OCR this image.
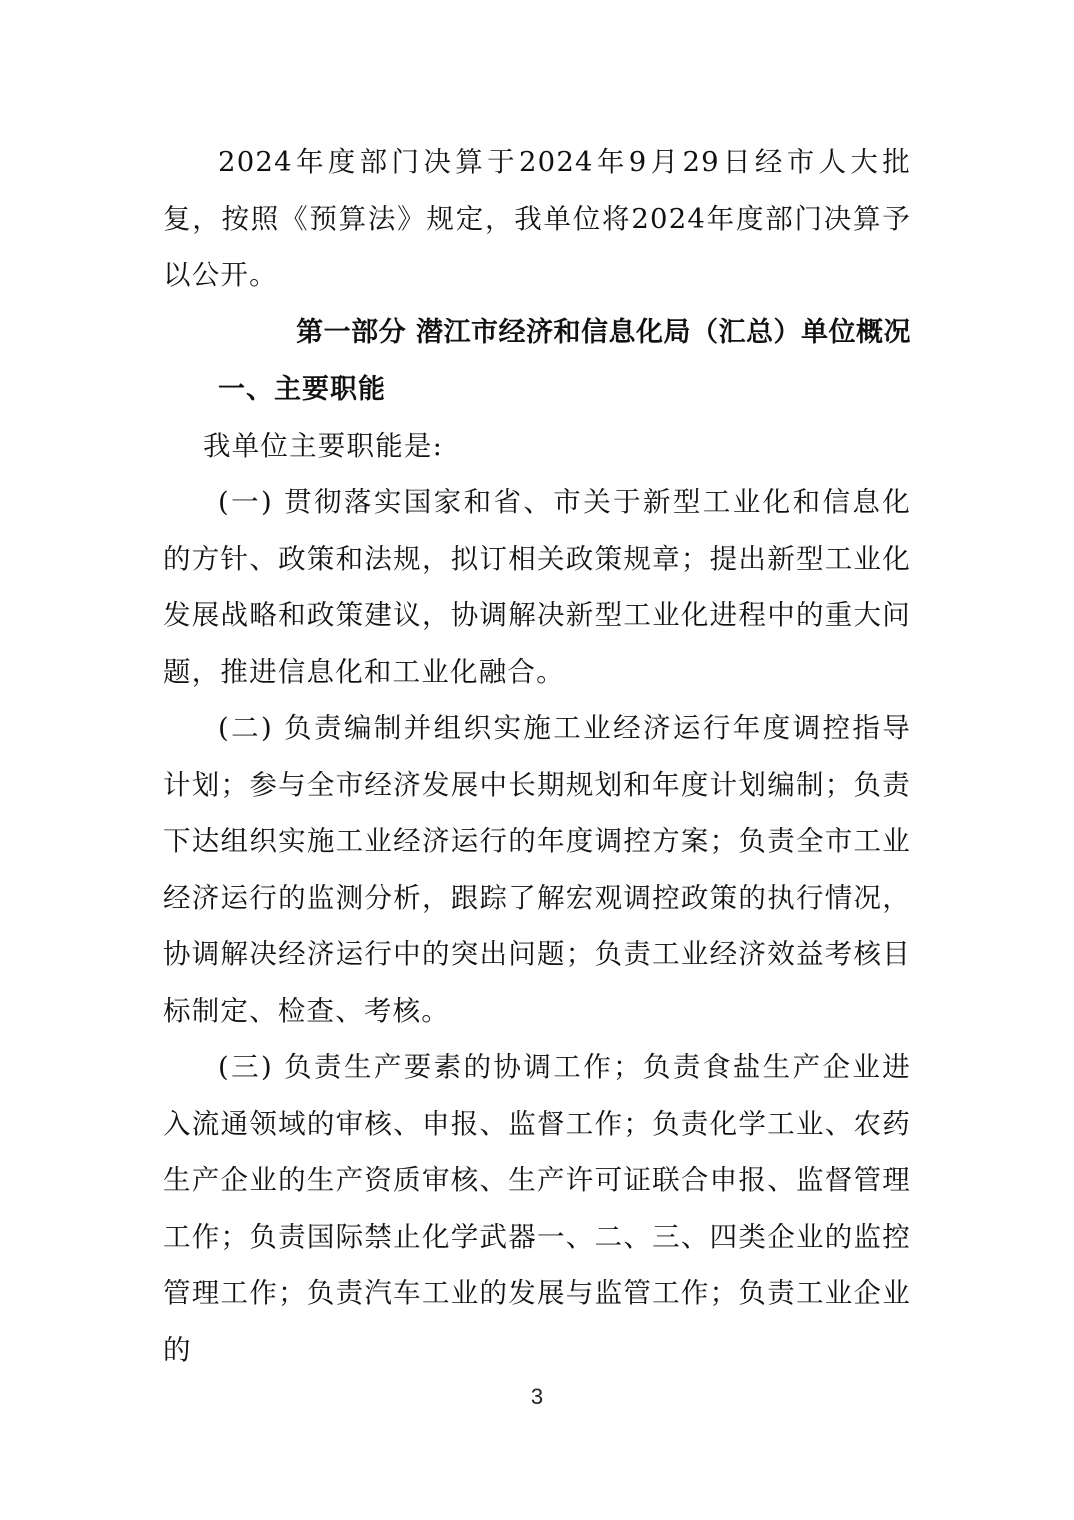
2024年度部门决算于2024年9月29日经市人大批复，按照《预算法》规定，我单位将2024年度部门决算予以公开。

第一部分 潜江市经济和信息化局（汇总）单位概况

一、主要职能

我单位主要职能是:

(一) 贯彻落实国家和省、市关于新型工业化和信息化的方针、政策和法规，拟订相关政策规章；提出新型工业化发展战略和政策建议，协调解决新型工业化进程中的重大问题，推进信息化和工业化融合。

(二) 负责编制并组织实施工业经济运行年度调控指导计划；参与全市经济发展中长期规划和年度计划编制；负责下达组织实施工业经济运行的年度调控方案；负责全市工业经济运行的监测分析，跟踪了解宏观调控政策的执行情况，协调解决经济运行中的突出问题；负责工业经济效益考核目标制定、检查、考核。

(三) 负责生产要素的协调工作；负责食盐生产企业进入流通领域的审核、申报、监督工作；负责化学工业、农药生产企业的生产资质审核、生产许可证联合申报、监督管理工作；负责国际禁止化学武器一、二、三、四类企业的监控管理工作；负责汽车工业的发展与监管工作；负责工业企业的

3
